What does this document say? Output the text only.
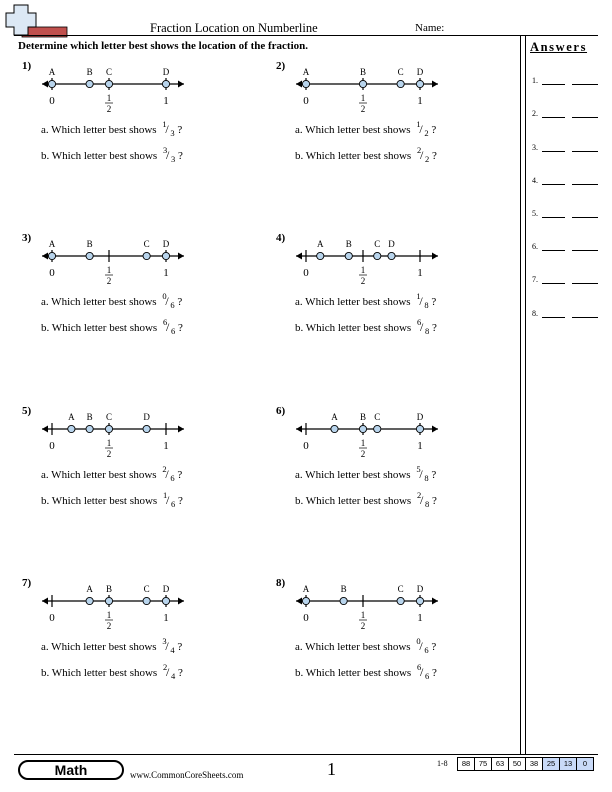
Fraction Location on Numberline	Name:
Determine which letter best shows the location of the fraction.	Answers
1.
2.
3.
4.
5.
6.
7.
8.
1)
0	1
1
2
A	B C	D
a. Which letter best shows 1
/ 3 ?
b. Which letter best shows 3
/ 3 ?
2)
0	1
1
2
A	B	C D
a. Which letter best shows 1
/ 2 ?
b. Which letter best shows 2
/ 2 ?
3)
0	1
1
2
A	B	C D
a. Which letter best shows 0
/ 6 ?
b. Which letter best shows 6
/ 6 ?
4)
0	1
1
2
A B C D
a. Which letter best shows 1
/ 8 ?
b. Which letter best shows 6
/ 8 ?
5)
0	1
1
2
A B C	D
a. Which letter best shows 2
/ 6 ?
b. Which letter best shows 1
/ 6 ?
6)
0	1
1
2
A B C	D
a. Which letter best shows 5
/ 8 ?
b. Which letter best shows 2
/ 8 ?
7)
0	1
1
2
A B	C D
a. Which letter best shows 3
/ 4 ?
b. Which letter best shows 2
/ 4 ?
8)
0	1
1
2
A	B	C D
a. Which letter best shows 0
/ 6 ?
b. Which letter best shows 6
/ 6 ?
Math	www.CommonCoreSheets.com	1	1-8	88	75	63	50	38	25	13	0
